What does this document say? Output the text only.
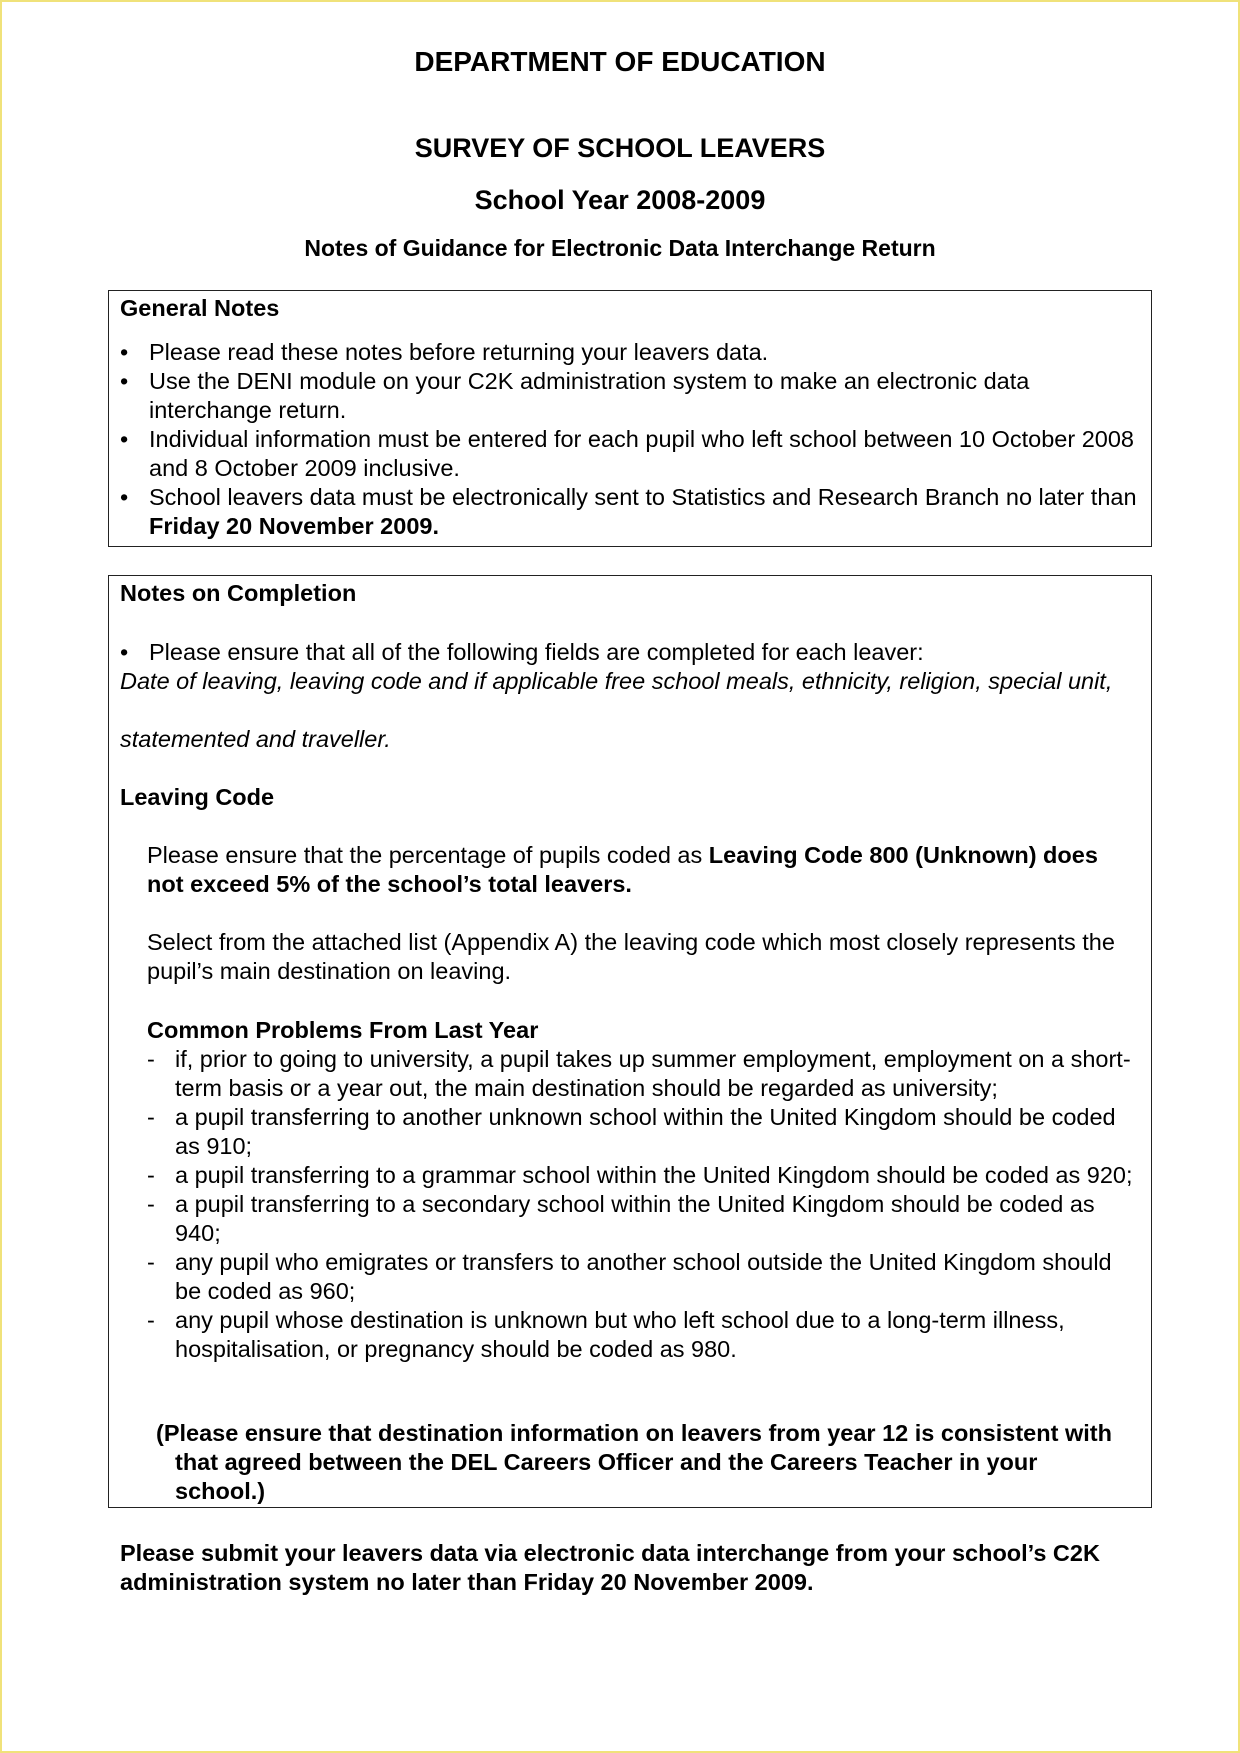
DEPARTMENT OF EDUCATION

SURVEY OF SCHOOL LEAVERS

School Year 2008-2009

Notes of Guidance for Electronic Data Interchange Return

General Notes

• Please read these notes before returning your leavers data.
• Use the DENI module on your C2K administration system to make an electronic data interchange return.
• Individual information must be entered for each pupil who left school between 10 October 2008 and 8 October 2009 inclusive.
• School leavers data must be electronically sent to Statistics and Research Branch no later than Friday 20 November 2009.

Notes on Completion

• Please ensure that all of the following fields are completed for each leaver:

Date of leaving, leaving code and if applicable free school meals, ethnicity, religion, special unit,

statemented and traveller.

Leaving Code

Please ensure that the percentage of pupils coded as Leaving Code 800 (Unknown) does not exceed 5% of the school’s total leavers.

Select from the attached list (Appendix A) the leaving code which most closely represents the pupil’s main destination on leaving.

Common Problems From Last Year

- if, prior to going to university, a pupil takes up summer employment, employment on a short-term basis or a year out, the main destination should be regarded as university;
- a pupil transferring to another unknown school within the United Kingdom should be coded as 910;
- a pupil transferring to a grammar school within the United Kingdom should be coded as 920;
- a pupil transferring to a secondary school within the United Kingdom should be coded as 940;
- any pupil who emigrates or transfers to another school outside the United Kingdom should be coded as 960;
- any pupil whose destination is unknown but who left school due to a long-term illness, hospitalisation, or pregnancy should be coded as 980.

(Please ensure that destination information on leavers from year 12 is consistent with that agreed between the DEL Careers Officer and the Careers Teacher in your school.)

Please submit your leavers data via electronic data interchange from your school’s C2K administration system no later than Friday 20 November 2009.
